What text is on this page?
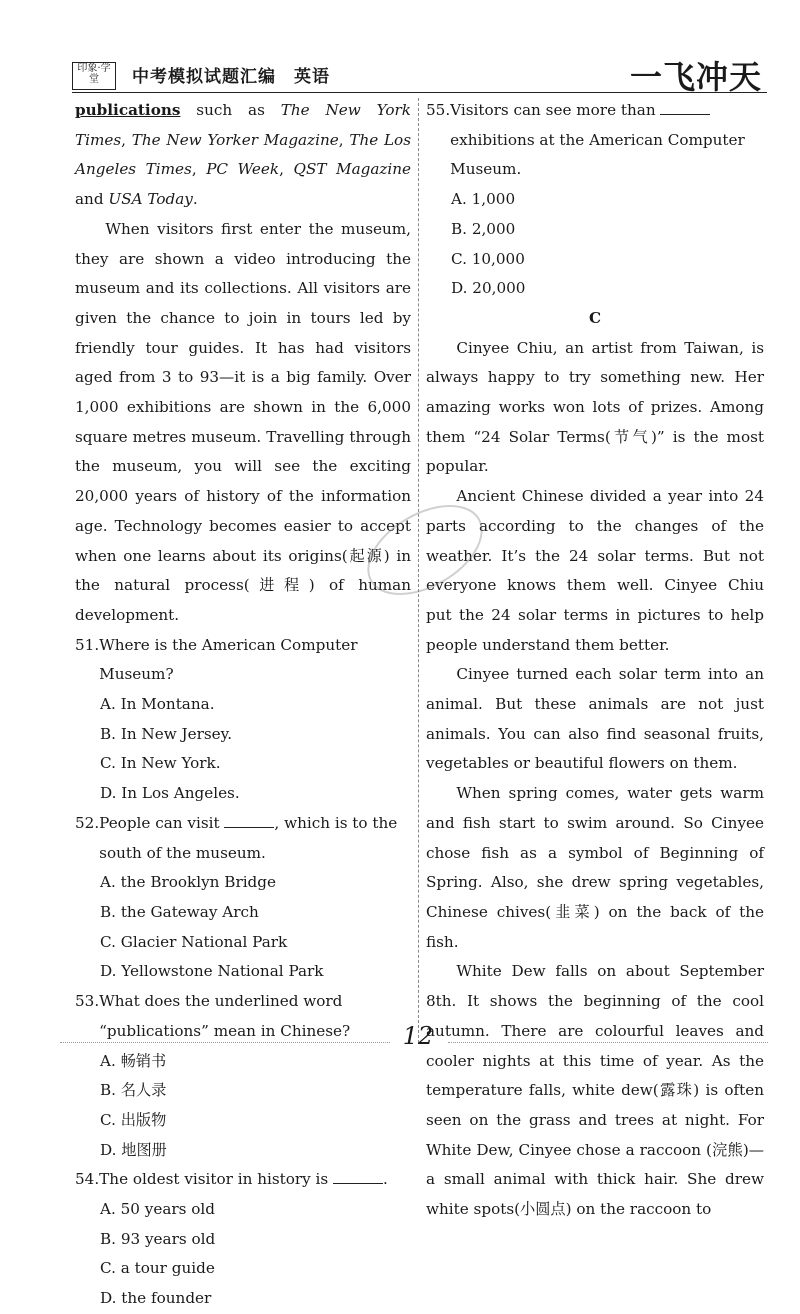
印象·学堂	中考模拟试题汇编　英语	一飞冲天

publications such as The New York Times, The New Yorker Magazine, The Los Angeles Times, PC Week, QST Magazine and USA Today.

When visitors first enter the museum, they are shown a video introducing the museum and its collections. All visitors are given the chance to join in tours led by friendly tour guides. It has had visitors aged from 3 to 93—it is a big family. Over 1,000 exhibitions are shown in the 6,000 square metres museum. Travelling through the museum, you will see the exciting 20,000 years of history of the information age. Technology becomes easier to accept when one learns about its origins(起源) in the natural process(进程) of human development.

51. Where is the American Computer Museum?
A. In Montana.
B. In New Jersey.
C. In New York.
D. In Los Angeles.
52. People can visit	, which is to the south of the museum.
A. the Brooklyn Bridge
B. the Gateway Arch
C. Glacier National Park
D. Yellowstone National Park
53. What does the underlined word “publications” mean in Chinese?
A. 畅销书
B. 名人录
C. 出版物
D. 地图册
54. The oldest visitor in history is	.
A. 50 years old
B. 93 years old
C. a tour guide
D. the founder
55. Visitors can see more than  exhibitions at the American Computer Museum.
A. 1,000
B. 2,000
C. 10,000
D. 20,000

C

Cinyee Chiu, an artist from Taiwan, is always happy to try something new. Her amazing works won lots of prizes. Among them “24 Solar Terms(节气)” is the most popular.

Ancient Chinese divided a year into 24 parts according to the changes of the weather. It’s the 24 solar terms. But not everyone knows them well. Cinyee Chiu put the 24 solar terms in pictures to help people understand them better.

Cinyee turned each solar term into an animal. But these animals are not just animals. You can also find seasonal fruits, vegetables or beautiful flowers on them.

When spring comes, water gets warm and fish start to swim around. So Cinyee chose fish as a symbol of Beginning of Spring. Also, she drew spring vegetables, Chinese chives(韭菜) on the back of the fish.

White Dew falls on about September 8th. It shows the beginning of the cool autumn. There are colourful leaves and cooler nights at this time of year. As the temperature falls, white dew(露珠) is often seen on the grass and trees at night. For White Dew, Cinyee chose a raccoon (浣熊)—a small animal with thick hair. She drew white spots(小圆点) on the raccoon to

12
